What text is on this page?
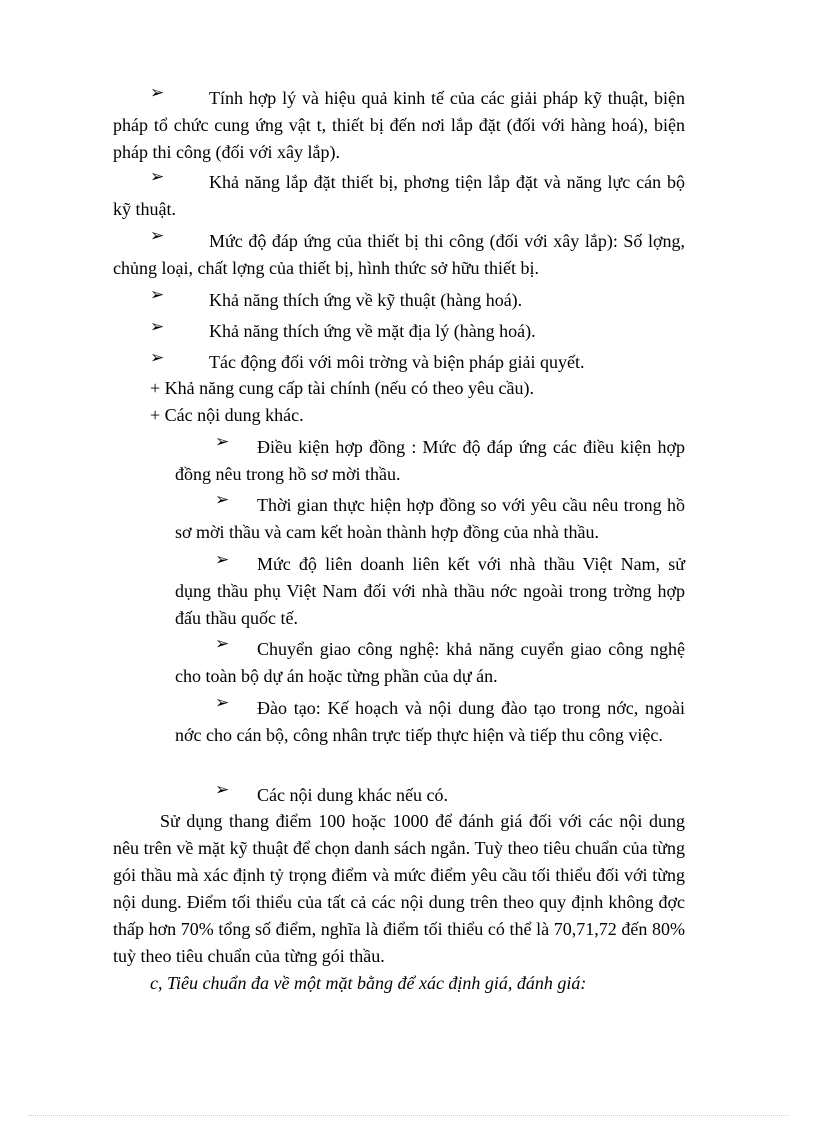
➢	Tính hợp lý và hiệu quả kinh tế của các giải pháp kỹ thuật, biện pháp tổ chức cung ứng vật t, thiết bị đến nơi lắp đặt (đối với hàng hoá), biện pháp thi công (đối với xây lắp).

➢	Khả năng lắp đặt thiết bị, phơng tiện lắp đặt và năng lực cán bộ kỹ thuật.

➢	Mức độ đáp ứng của thiết bị thi công (đối với xây lắp): Số lợng, chủng loại, chất lợng của thiết bị, hình thức sở hữu thiết bị.

➢	Khả năng thích ứng về kỹ thuật (hàng hoá).

➢	Khả năng thích ứng về mặt địa lý (hàng hoá).

➢	Tác động đối với môi trờng và biện pháp giải quyết.

+ Khả năng cung cấp tài chính (nếu có theo yêu cầu).

+ Các nội dung khác.

➢	Điều kiện hợp đồng : Mức độ đáp ứng các điều kiện hợp đồng nêu trong hồ sơ mời thầu.

➢	Thời gian thực hiện hợp đồng so với yêu cầu nêu trong hồ sơ mời thầu và cam kết hoàn thành hợp đồng của nhà thầu.

➢	Mức độ liên doanh liên kết với nhà thầu Việt Nam, sử dụng thầu phụ Việt Nam đối với nhà thầu nớc ngoài trong trờng hợp đấu thầu quốc tế.

➢	Chuyển giao công nghệ: khả năng cuyển giao công nghệ cho toàn bộ dự án hoặc từng phần của dự án.

➢	Đào tạo: Kế hoạch và nội dung đào tạo trong nớc, ngoài nớc cho cán bộ, công nhân trực tiếp thực hiện và tiếp thu công việc.

➢	Các nội dung khác nếu có.

Sử dụng thang điểm 100 hoặc 1000 để đánh giá đối với các nội dung nêu trên về mặt kỹ thuật để chọn danh sách ngắn. Tuỳ theo tiêu chuẩn của từng gói thầu mà xác định tỷ trọng điểm và mức điểm yêu cầu tối thiểu đối với từng nội dung. Điểm tối thiểu của tất cả các nội dung trên theo quy định không đợc thấp hơn 70% tổng số điểm, nghĩa là điểm tối thiểu có thể là 70,71,72 đến 80% tuỳ theo tiêu chuẩn của từng gói thầu.

c, Tiêu chuẩn đa về một mặt bằng để xác định giá, đánh giá:
